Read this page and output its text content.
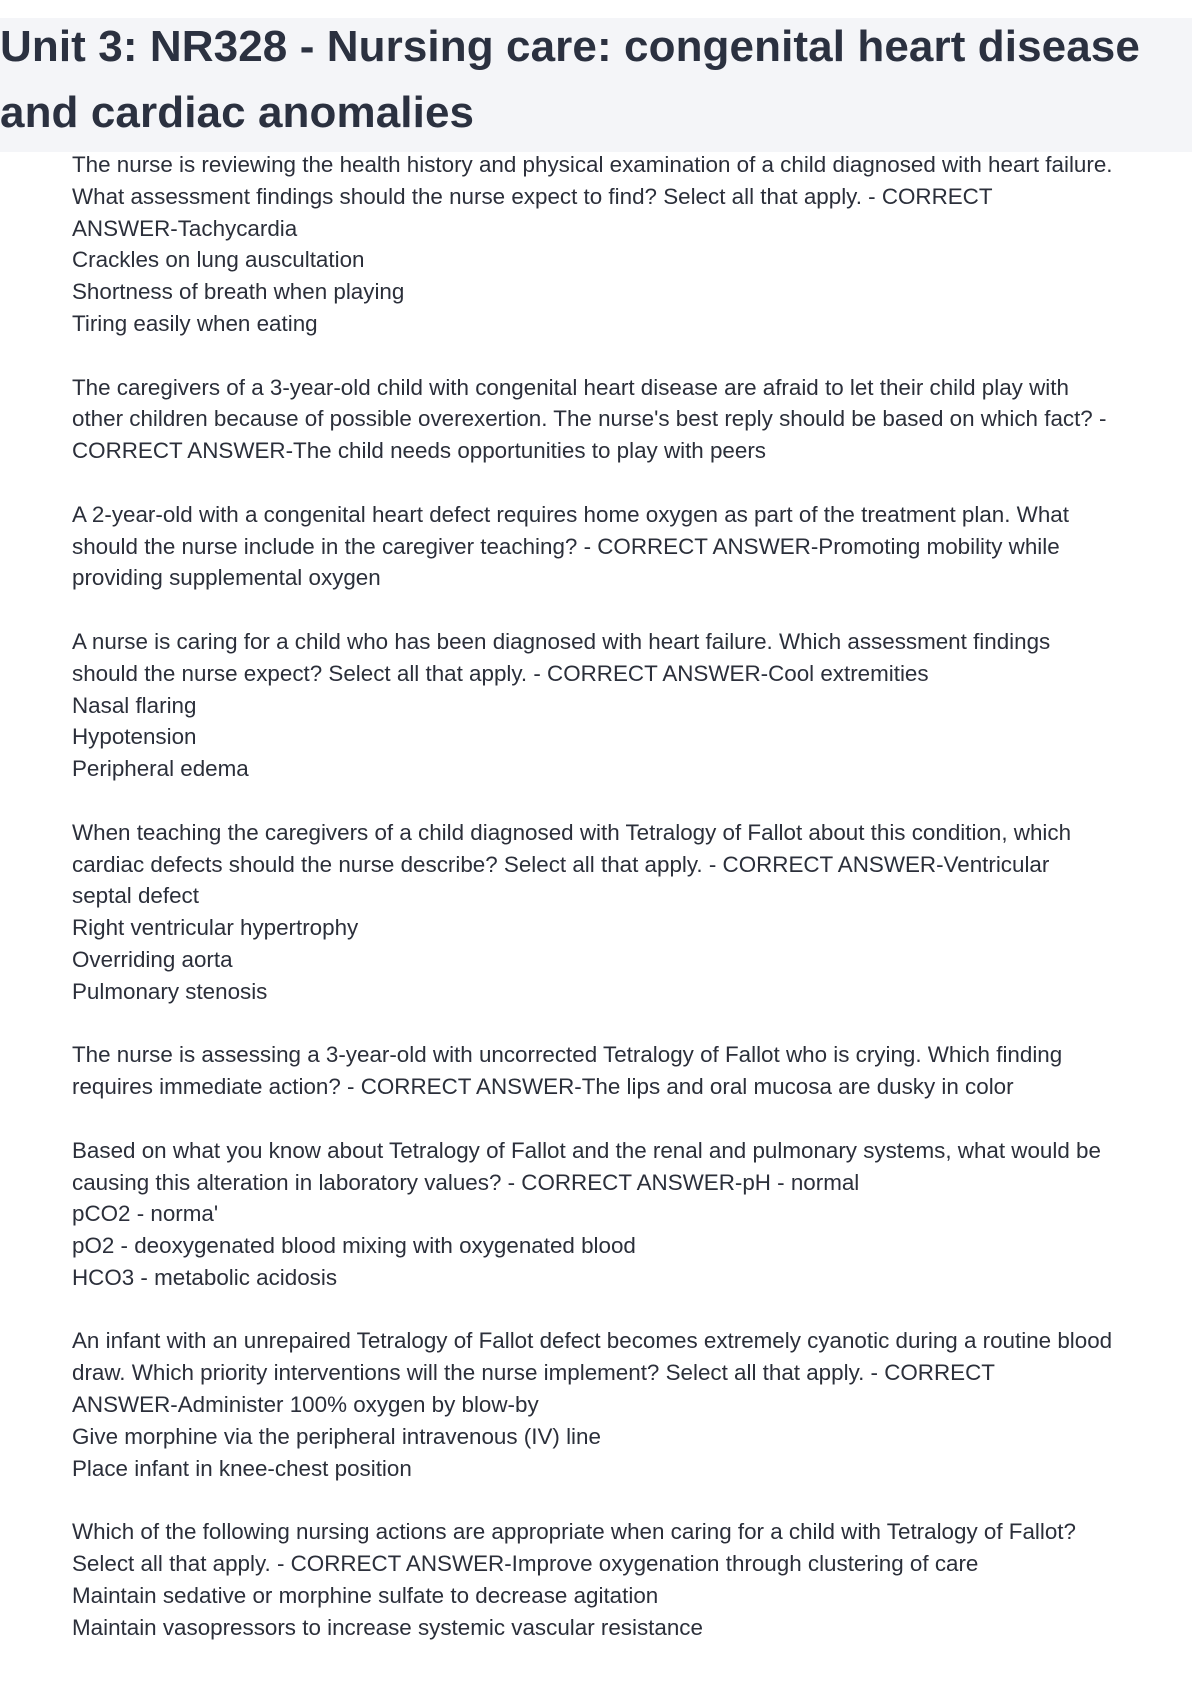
Unit 3: NR328 - Nursing care: congenital heart disease
and cardiac anomalies
The nurse is reviewing the health history and physical examination of a child diagnosed with heart failure.
What assessment findings should the nurse expect to find? Select all that apply. - CORRECT
ANSWER-Tachycardia
Crackles on lung auscultation
Shortness of breath when playing
Tiring easily when eating
The caregivers of a 3-year-old child with congenital heart disease are afraid to let their child play with
other children because of possible overexertion. The nurse's best reply should be based on which fact? -
CORRECT ANSWER-The child needs opportunities to play with peers
A 2-year-old with a congenital heart defect requires home oxygen as part of the treatment plan. What
should the nurse include in the caregiver teaching? - CORRECT ANSWER-Promoting mobility while
providing supplemental oxygen
A nurse is caring for a child who has been diagnosed with heart failure. Which assessment findings
should the nurse expect? Select all that apply. - CORRECT ANSWER-Cool extremities
Nasal flaring
Hypotension
Peripheral edema
When teaching the caregivers of a child diagnosed with Tetralogy of Fallot about this condition, which
cardiac defects should the nurse describe? Select all that apply. - CORRECT ANSWER-Ventricular
septal defect
Right ventricular hypertrophy
Overriding aorta
Pulmonary stenosis
The nurse is assessing a 3-year-old with uncorrected Tetralogy of Fallot who is crying. Which finding
requires immediate action? - CORRECT ANSWER-The lips and oral mucosa are dusky in color
Based on what you know about Tetralogy of Fallot and the renal and pulmonary systems, what would be
causing this alteration in laboratory values? - CORRECT ANSWER-pH - normal
pCO2 - norma'
pO2 - deoxygenated blood mixing with oxygenated blood
HCO3 - metabolic acidosis
An infant with an unrepaired Tetralogy of Fallot defect becomes extremely cyanotic during a routine blood
draw. Which priority interventions will the nurse implement? Select all that apply. - CORRECT
ANSWER-Administer 100% oxygen by blow-by
Give morphine via the peripheral intravenous (IV) line
Place infant in knee-chest position
Which of the following nursing actions are appropriate when caring for a child with Tetralogy of Fallot?
Select all that apply. - CORRECT ANSWER-Improve oxygenation through clustering of care
Maintain sedative or morphine sulfate to decrease agitation
Maintain vasopressors to increase systemic vascular resistance
